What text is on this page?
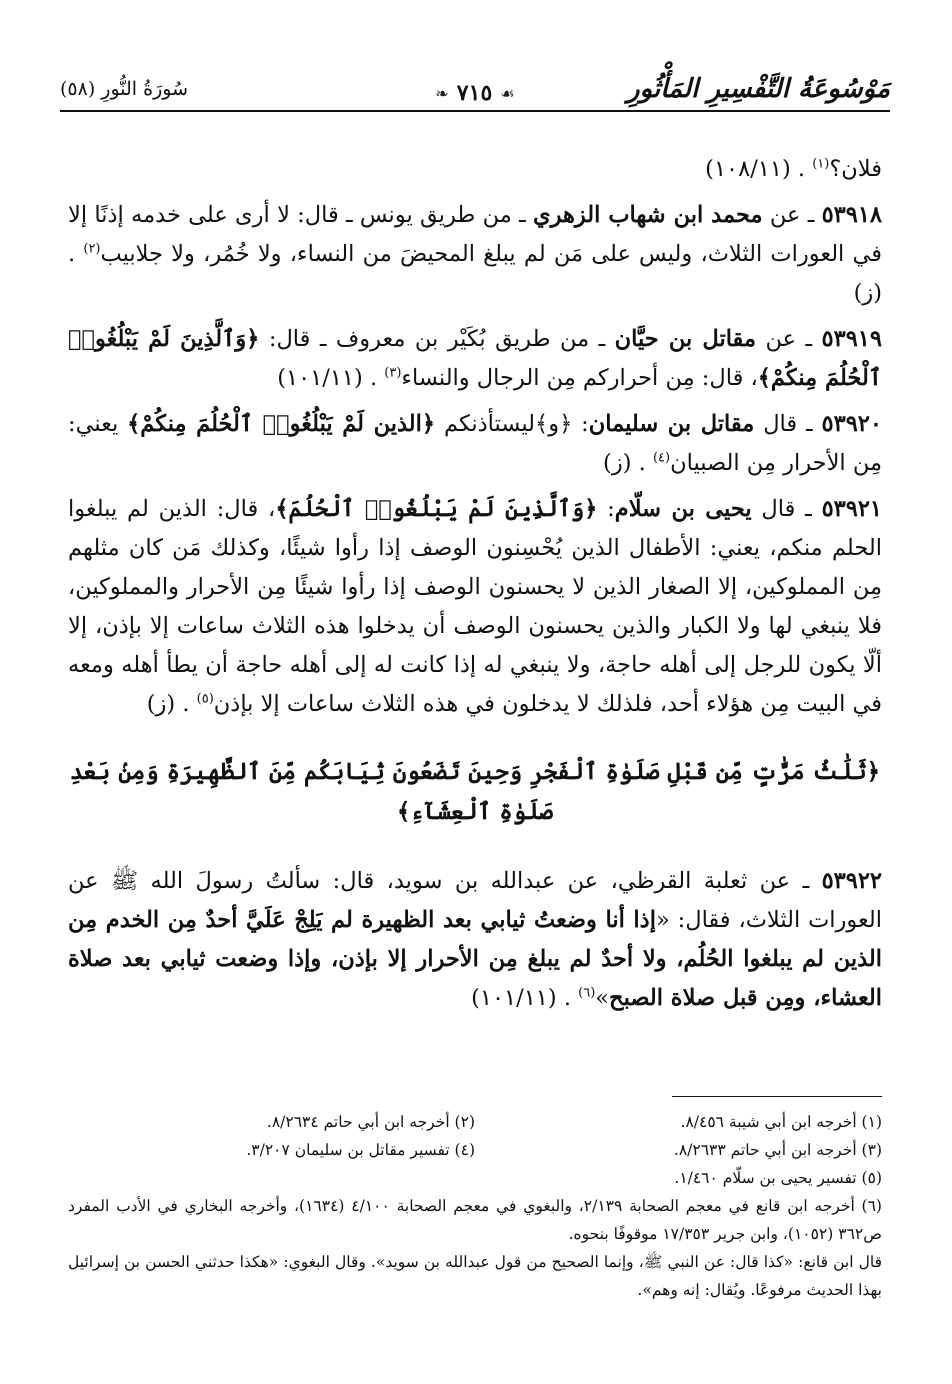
مَوْسُوعَةُ التَّفْسِيرِ المَأْثُورِ
❧ ٧١٥ ☙
سُورَةُ النُّورِ (٥٨)

فلان؟$^{(١)}$ . (١٠٨/١١)

٥٣٩١٨ ـ عن محمد ابن شهاب الزهري ـ من طريق يونس ـ قال: لا أرى على خدمه إذنًا إلا في العورات الثلاث، وليس على مَن لم يبلغ المحيضَ من النساء، ولا خُمُر، ولا جلابيب$^{(٢)}$ . (ز)

٥٣٩١٩ ـ عن مقاتل بن حيَّان ـ من طريق بُكَيْر بن معروف ـ قال: ﴿وَٱلَّذِينَ لَمْ يَبْلُغُوا۟ ٱلْحُلُمَ مِنكُمْ﴾، قال: مِن أحراركم مِن الرجال والنساء$^{(٣)}$ . (١٠١/١١)

٥٣٩٢٠ ـ قال مقاتل بن سليمان: ﴿و﴾ليستأذنكم ﴿الذين لَمْ يَبْلُغُوا۟ ٱلْحُلُمَ مِنكُمْ﴾ يعني: مِن الأحرار مِن الصبيان$^{(٤)}$ . (ز)

٥٣٩٢١ ـ قال يحيى بن سلّام: ﴿وَٱلَّذِينَ لَمْ يَبْلُغُوا۟ ٱلْحُلُمَ﴾، قال: الذين لم يبلغوا الحلم منكم، يعني: الأطفال الذين يُحْسِنون الوصف إذا رأوا شيئًا، وكذلك مَن كان مثلهم مِن المملوكين، إلا الصغار الذين لا يحسنون الوصف إذا رأوا شيئًا مِن الأحرار والمملوكين، فلا ينبغي لها ولا الكبار والذين يحسنون الوصف أن يدخلوا هذه الثلاث ساعات إلا بإذن، إلا ألّا يكون للرجل إلى أهله حاجة، ولا ينبغي له إذا كانت له إلى أهله حاجة أن يطأ أهله ومعه في البيت مِن هؤلاء أحد، فلذلك لا يدخلون في هذه الثلاث ساعات إلا بإذن$^{(٥)}$ . (ز)

﴿ثَلَٰثُ مَرَّٰتٍ مِّن قَبْلِ صَلَوٰةِ ٱلْفَجْرِ وَحِينَ تَضَعُونَ ثِيَابَكُم مِّنَ ٱلظَّهِيرَةِ وَمِنۢ بَعْدِ صَلَوٰةِ ٱلْعِشَآءِ﴾

٥٣٩٢٢ ـ عن ثعلبة القرظي، عن عبدالله بن سويد، قال: سألتُ رسولَ الله ﷺ عن العورات الثلاث، فقال: «إذا أنا وضعتُ ثيابي بعد الظهيرة لم يَلِجْ عَلَيَّ أحدٌ مِن الخدم مِن الذين لم يبلغوا الحُلُم، ولا أحدٌ لم يبلغ مِن الأحرار إلا بإذن، وإذا وضعت ثيابي بعد صلاة العشاء، ومِن قبل صلاة الصبح»$^{(٦)}$ . (١٠١/١١)

(١) أخرجه ابن أبي شيبة ٨/٤٥٦.
(٢) أخرجه ابن أبي حاتم ٨/٢٦٣٤.
(٣) أخرجه ابن أبي حاتم ٨/٢٦٣٣.
(٤) تفسير مقاتل بن سليمان ٣/٢٠٧.
(٥) تفسير يحيى بن سلّام ١/٤٦٠.
(٦) أخرجه ابن قانع في معجم الصحابة ٢/١٣٩، والبغوي في معجم الصحابة ٤/١٠٠ (١٦٣٤)، وأخرجه البخاري في الأدب المفرد ص٣٦٢ (١٠٥٢)، وابن جرير ١٧/٣٥٣ موقوفًا بنحوه.
قال ابن قانع: «كذا قال: عن النبي ﷺ، وإنما الصحيح من قول عبدالله بن سويد». وقال البغوي: «هكذا حدثني الحسن بن إسرائيل بهذا الحديث مرفوعًا. ويُقال: إنه وهم».
